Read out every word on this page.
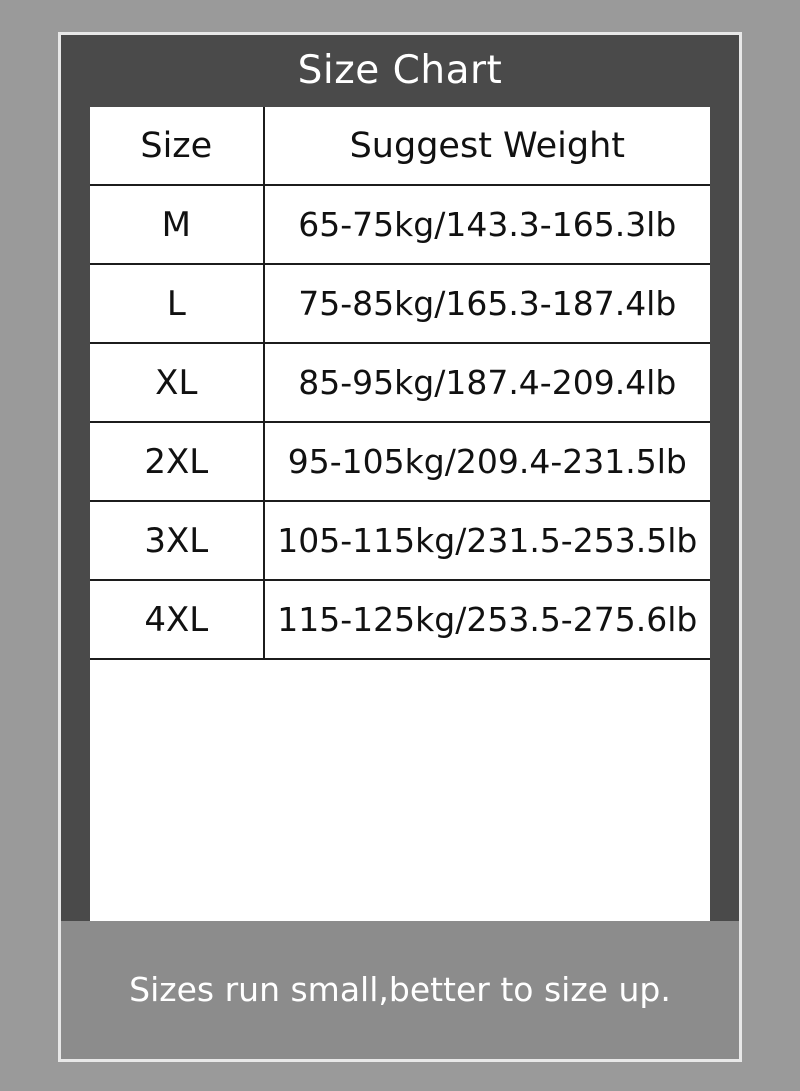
Size Chart
Size	Suggest Weight
M	65-75kg/143.3-165.3lb
L	75-85kg/165.3-187.4lb
XL	85-95kg/187.4-209.4lb
2XL	95-105kg/209.4-231.5lb
3XL	105-115kg/231.5-253.5lb
4XL	115-125kg/253.5-275.6lb
Sizes run small,better to size up.
